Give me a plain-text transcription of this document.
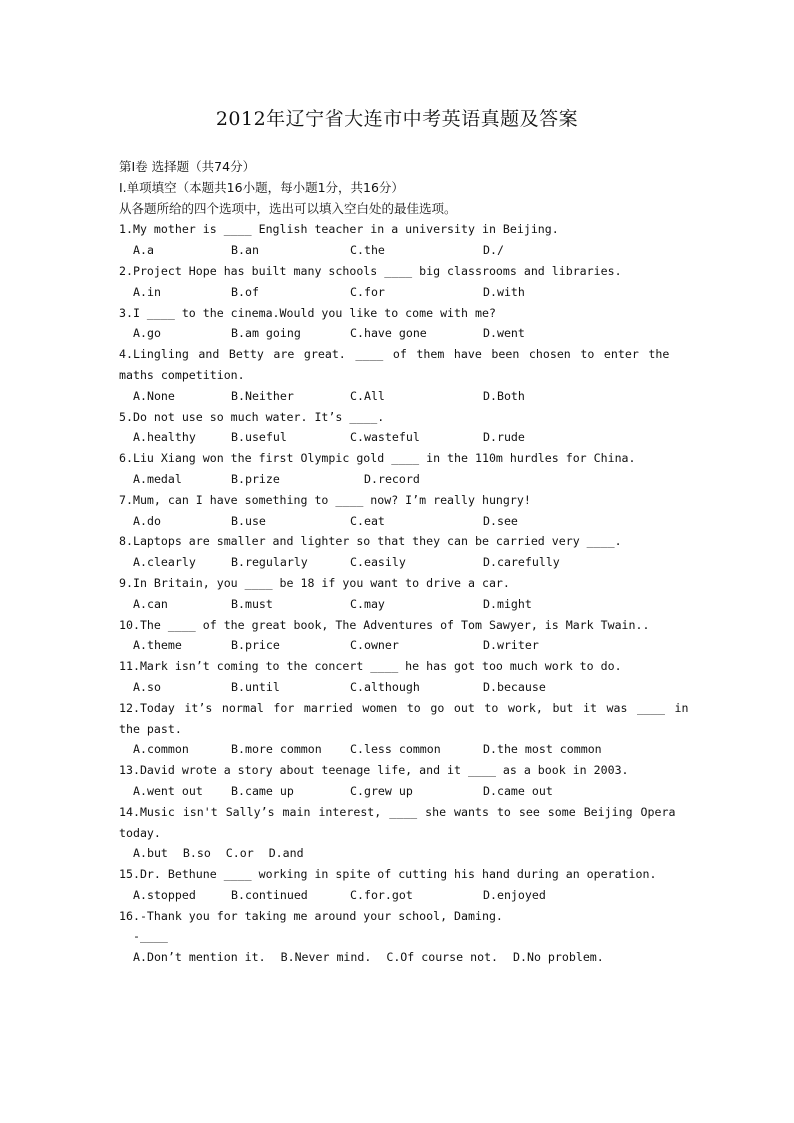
2012年辽宁省大连市中考英语真题及答案
第Ⅰ卷 选择题（共74分）
Ⅰ.单项填空（本题共16小题，每小题1分，共16分）
从各题所给的四个选项中，选出可以填入空白处的最佳选项。
1.My mother is ____ English teacher in a university in Beijing.
A.a	B.an	C.the	D./
2.Project Hope has built many schools ____ big classrooms and libraries.
A.in	B.of	C.for	D.with
3.I ____ to the cinema.Would you like to come with me?
A.go	B.am going	C.have gone	D.went
4.Lingling and Betty are great. ____ of them have been chosen to enter the
maths competition.
A.None	B.Neither	C.All	D.Both
5.Do not use so much water. It’s ____.
A.healthy	B.useful	C.wasteful	D.rude
6.Liu Xiang won the first Olympic gold ____ in the 110m hurdles for China.
A.medal	B.prize	D.record
7.Mum, can I have something to ____ now? I’m really hungry!
A.do	B.use	C.eat	D.see
8.Laptops are smaller and lighter so that they can be carried very ____.
A.clearly	B.regularly	C.easily	D.carefully
9.In Britain, you ____ be 18 if you want to drive a car.
A.can	B.must	C.may	D.might
10.The ____ of the great book, The Adventures of Tom Sawyer, is Mark Twain..
A.theme	B.price	C.owner	D.writer
11.Mark isn’t coming to the concert ____ he has got too much work to do.
A.so	B.until	C.although	D.because
12.Today it’s normal for married women to go out to work, but it was ____ in
the past.
A.common	B.more common C.less common	D.the most common
13.David wrote a story about teenage life, and it ____ as a book in 2003.
A.went out B.came up	C.grew up	D.came out
14.Music isn't Sally’s main interest, ____ she wants to see some Beijing Opera
today.
A.but B.so C.or D.and
15.Dr. Bethune ____ working in spite of cutting his hand during an operation.
A.stopped	B.continued	C.for.got	D.enjoyed
16.-Thank you for taking me around your school, Daming.
-____
A.Don’t mention it. B.Never mind. C.Of course not. D.No problem.
